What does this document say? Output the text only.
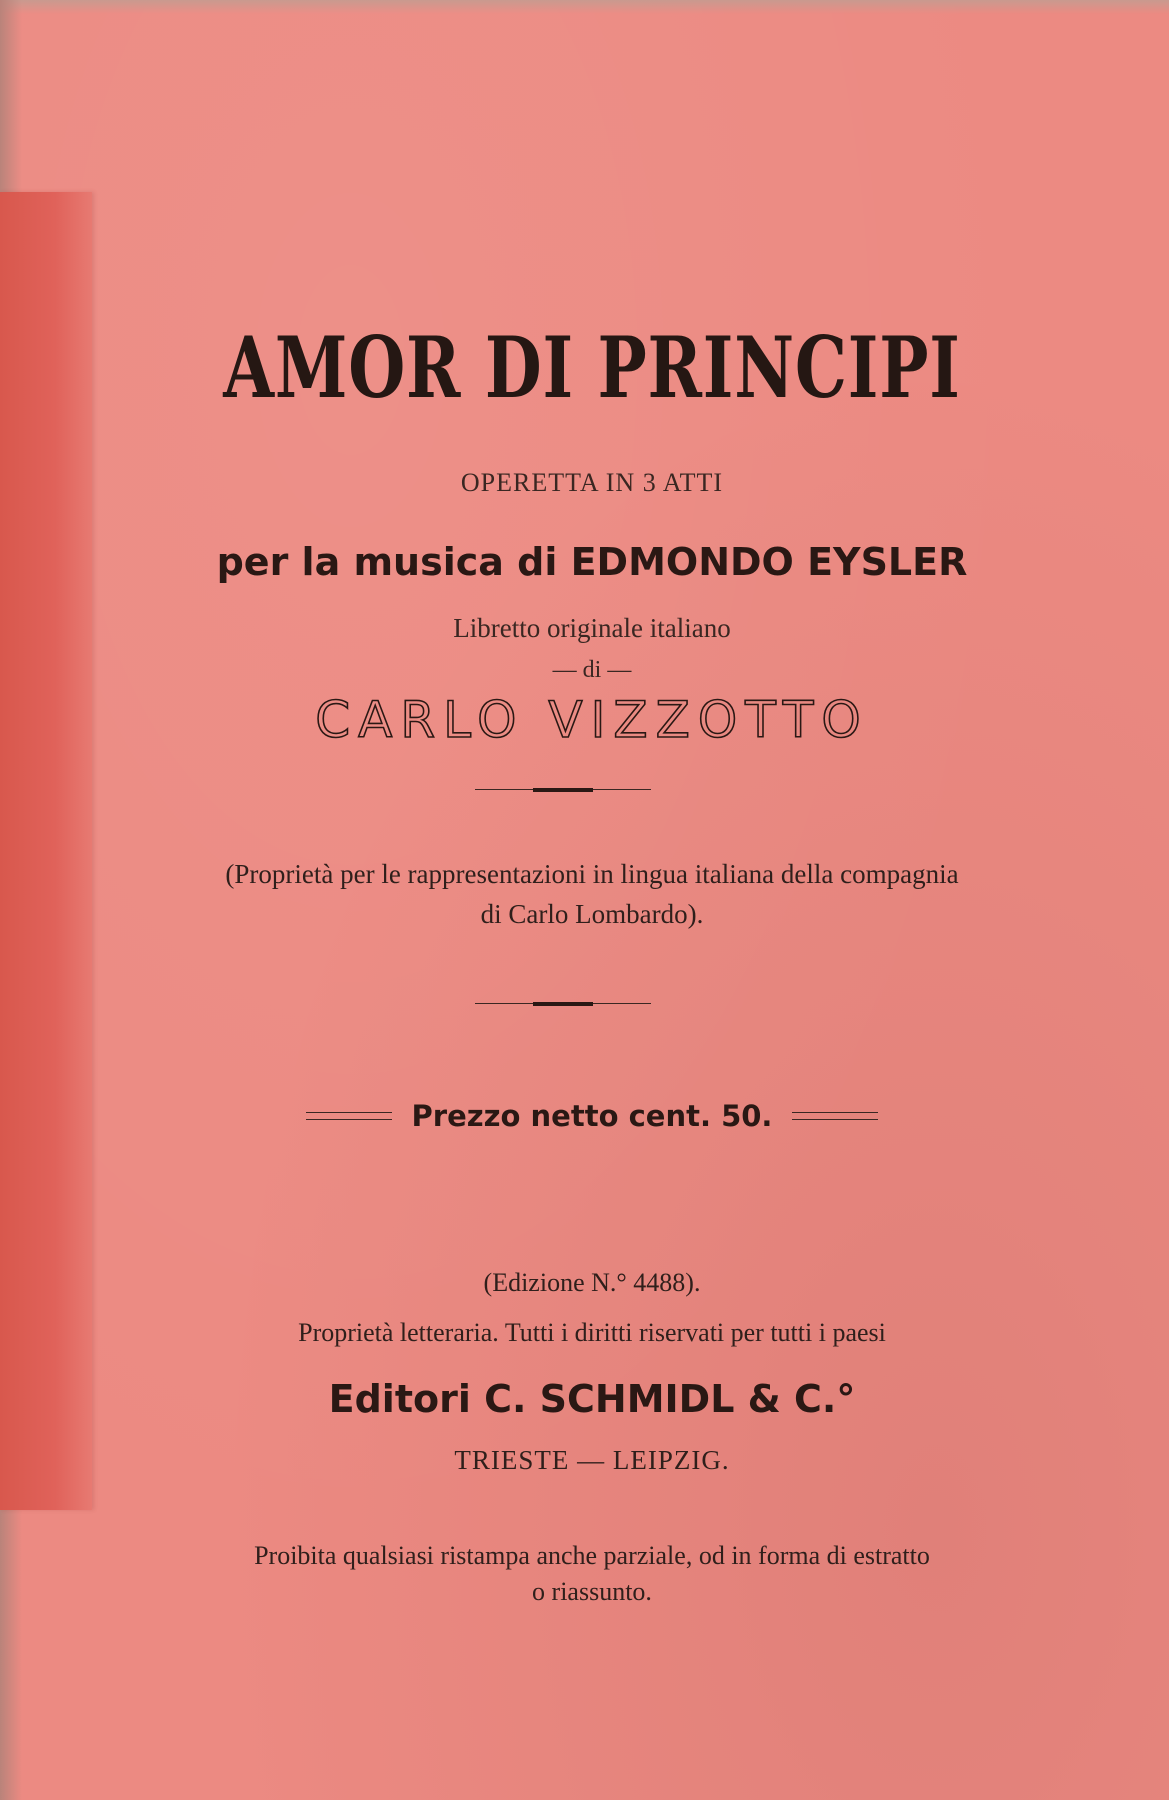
AMOR DI PRINCIPI
OPERETTA IN 3 ATTI
per la musica di EDMONDO EYSLER
Libretto originale italiano
— di —
CARLO VIZZOTTO
(Proprietà per le rappresentazioni in lingua italiana della compagnia
di Carlo Lombardo).
Prezzo netto cent. 50.
(Edizione N.° 4488).
Proprietà letteraria. Tutti i diritti riservati per tutti i paesi
Editori C. SCHMIDL & C.°
TRIESTE — LEIPZIG.
Proibita qualsiasi ristampa anche parziale, od in forma di estratto
o riassunto.
